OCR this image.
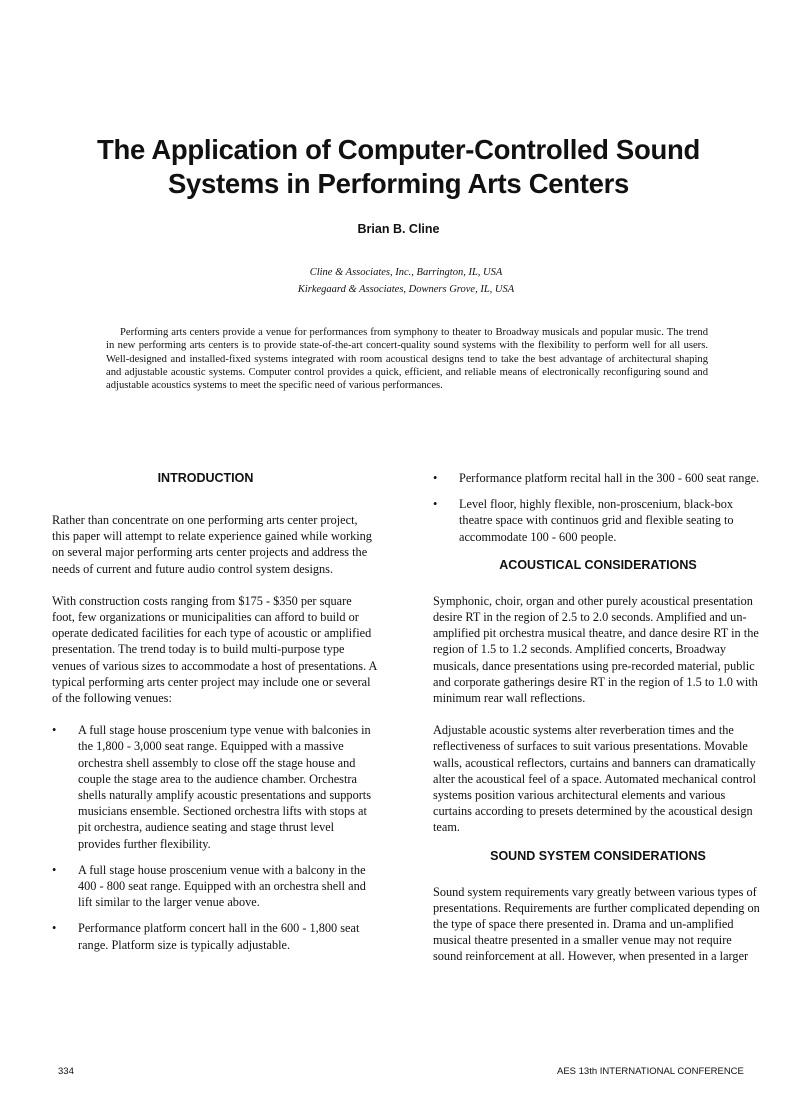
The Application of Computer-Controlled Sound
Systems in Performing Arts Centers
Brian B. Cline
Cline & Associates, Inc., Barrington, IL, USA
Kirkegaard & Associates, Downers Grove, IL, USA

Performing arts centers provide a venue for performances from symphony to theater to Broadway musicals and popular music. The trend in new performing arts centers is to provide state-of-the-art concert-quality sound systems with the flexibility to perform well for all users. Well-designed and installed-fixed systems integrated with room acoustical designs tend to take the best advantage of architectural shaping and adjustable acoustic systems. Computer control provides a quick, efficient, and reliable means of electronically reconfiguring sound and adjustable acoustics systems to meet the specific need of various performances.

INTRODUCTION

Rather than concentrate on one performing arts center project, this paper will attempt to relate experience gained while working on several major performing arts center projects and address the needs of current and future audio control system designs.

With construction costs ranging from $175 - $350 per square foot, few organizations or municipalities can afford to build or operate dedicated facilities for each type of acoustic or amplified presentation. The trend today is to build multi-purpose type venues of various sizes to accommodate a host of presentations. A typical performing arts center project may include one or several of the following venues:

• A full stage house proscenium type venue with balconies in the 1,800 - 3,000 seat range. Equipped with a massive orchestra shell assembly to close off the stage house and couple the stage area to the audience chamber. Orchestra shells naturally amplify acoustic presentations and supports musicians ensemble. Sectioned orchestra lifts with stops at pit orchestra, audience seating and stage thrust level provides further flexibility.
• A full stage house proscenium venue with a balcony in the 400 - 800 seat range. Equipped with an orchestra shell and lift similar to the larger venue above.
• Performance platform concert hall in the 600 - 1,800 seat range. Platform size is typically adjustable.
• Performance platform recital hall in the 300 - 600 seat range.
• Level floor, highly flexible, non-proscenium, black-box theatre space with continuos grid and flexible seating to accommodate 100 - 600 people.
ACOUSTICAL CONSIDERATIONS

Symphonic, choir, organ and other purely acoustical presentation desire RT in the region of 2.5 to 2.0 seconds. Amplified and un-amplified pit orchestra musical theatre, and dance desire RT in the region of 1.5 to 1.2 seconds. Amplified concerts, Broadway musicals, dance presentations using pre-recorded material, public and corporate gatherings desire RT in the region of 1.5 to 1.0 with minimum rear wall reflections.

Adjustable acoustic systems alter reverberation times and the reflectiveness of surfaces to suit various presentations. Movable walls, acoustical reflectors, curtains and banners can dramatically alter the acoustical feel of a space. Automated mechanical control systems position various architectural elements and various curtains according to presets determined by the acoustical design team.

SOUND SYSTEM CONSIDERATIONS

Sound system requirements vary greatly between various types of presentations. Requirements are further complicated depending on the type of space there presented in. Drama and un-amplified musical theatre presented in a smaller venue may not require sound reinforcement at all. However, when presented in a larger

334	AES 13th INTERNATIONAL CONFERENCE
